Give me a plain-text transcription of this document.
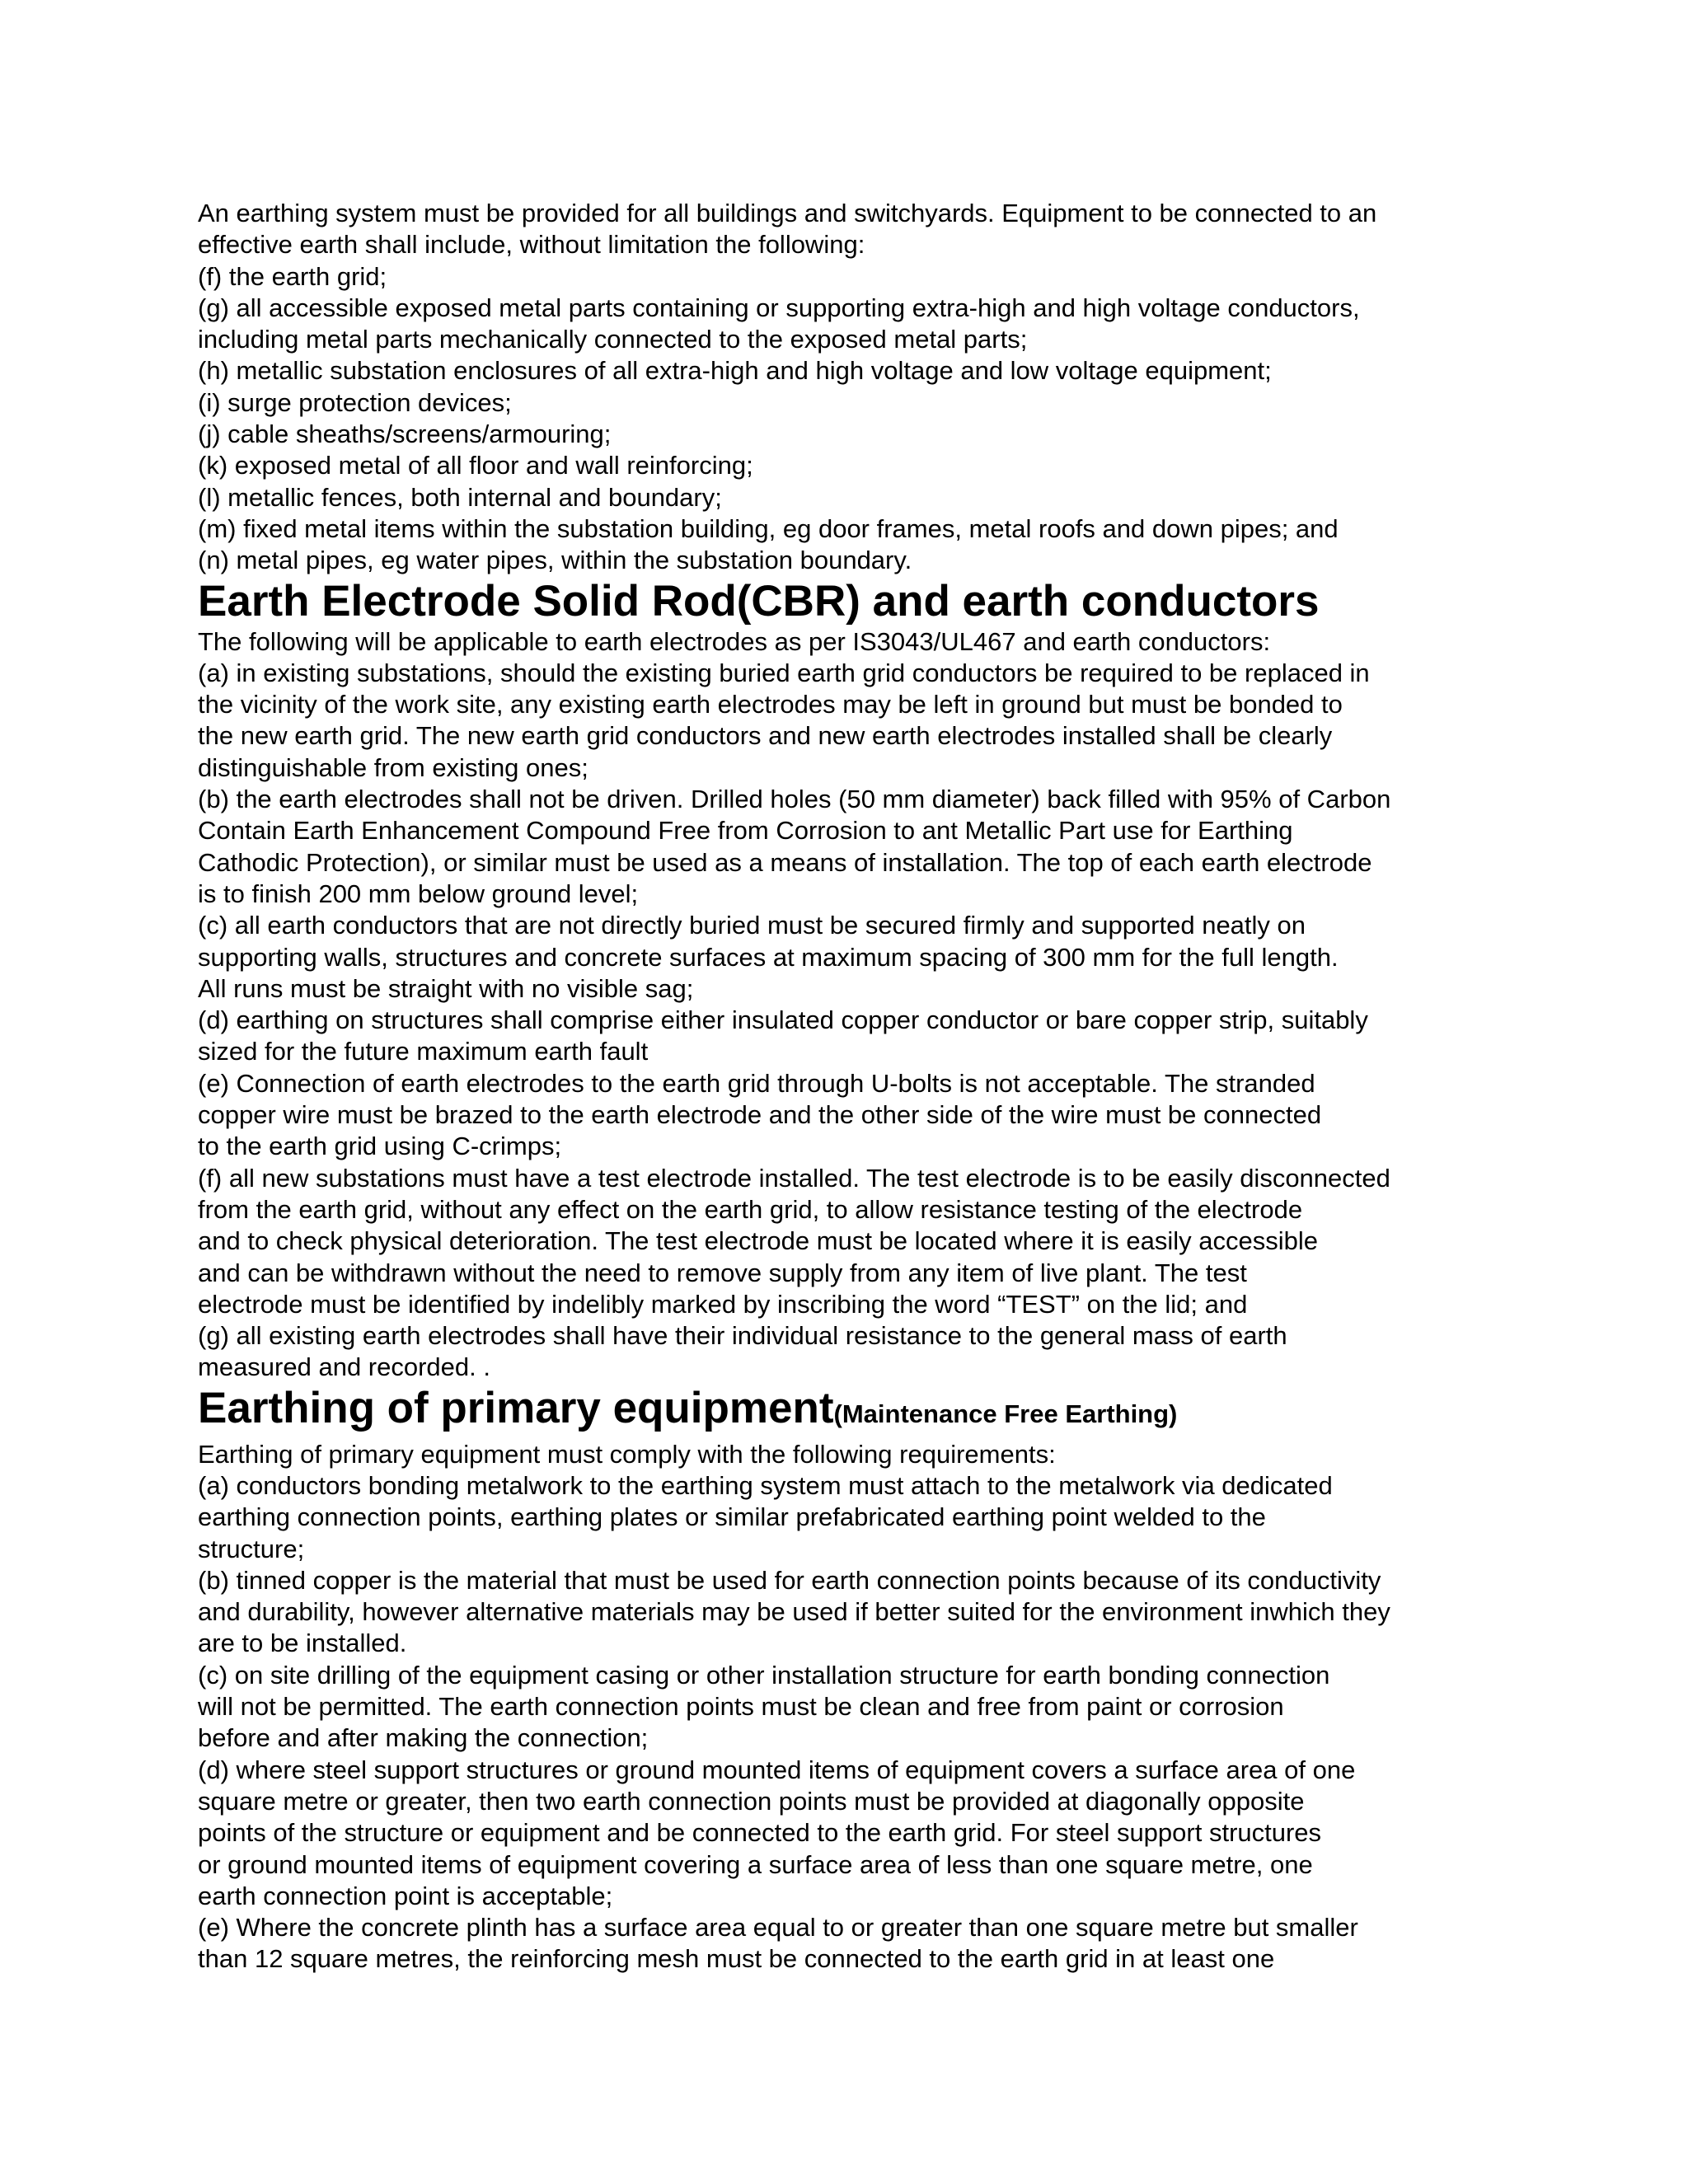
An earthing system must be provided for all buildings and switchyards. Equipment to be connected to an

effective earth shall include, without limitation the following:

(f) the earth grid;

(g) all accessible exposed metal parts containing or supporting extra-high and high voltage conductors,

including metal parts mechanically connected to the exposed metal parts;

(h) metallic substation enclosures of all extra-high and high voltage and low voltage equipment;

(i) surge protection devices;

(j) cable sheaths/screens/armouring;

(k) exposed metal of all floor and wall reinforcing;

(l) metallic fences, both internal and boundary;

(m) fixed metal items within the substation building, eg door frames, metal roofs and down pipes; and

(n) metal pipes, eg water pipes, within the substation boundary.

Earth Electrode Solid Rod(CBR) and earth conductors

The following will be applicable to earth electrodes as per IS3043/UL467 and earth conductors:

(a) in existing substations, should the existing buried earth grid conductors be required to be replaced in

the vicinity of the work site, any existing earth electrodes may be left in ground but must be bonded to

the new earth grid. The new earth grid conductors and new earth electrodes installed shall be clearly

distinguishable from existing ones;

(b) the earth electrodes shall not be driven. Drilled holes (50 mm diameter) back filled with 95% of Carbon

Contain Earth Enhancement Compound Free from Corrosion to ant Metallic Part use for Earthing

Cathodic Protection), or similar must be used as a means of installation. The top of each earth electrode

is to finish 200 mm below ground level;

(c) all earth conductors that are not directly buried must be secured firmly and supported neatly on

supporting walls, structures and concrete surfaces at maximum spacing of 300 mm for the full length.

All runs must be straight with no visible sag;

(d) earthing on structures shall comprise either insulated copper conductor or bare copper strip, suitably

sized for the future maximum earth fault

(e) Connection of earth electrodes to the earth grid through U-bolts is not acceptable. The stranded

copper wire must be brazed to the earth electrode and the other side of the wire must be connected

to the earth grid using C-crimps;

(f) all new substations must have a test electrode installed. The test electrode is to be easily disconnected

from the earth grid, without any effect on the earth grid, to allow resistance testing of the electrode

and to check physical deterioration. The test electrode must be located where it is easily accessible

and can be withdrawn without the need to remove supply from any item of live plant. The test

electrode must be identified by indelibly marked by inscribing the word “TEST” on the lid; and

(g) all existing earth electrodes shall have their individual resistance to the general mass of earth

measured and recorded. .

Earthing of primary equipment(Maintenance Free Earthing)

Earthing of primary equipment must comply with the following requirements:

(a) conductors bonding metalwork to the earthing system must attach to the metalwork via dedicated

earthing connection points, earthing plates or similar prefabricated earthing point welded to the

structure;

(b) tinned copper is the material that must be used for earth connection points because of its conductivity

and durability, however alternative materials may be used if better suited for the environment inwhich they

are to be installed.

(c) on site drilling of the equipment casing or other installation structure for earth bonding connection

will not be permitted. The earth connection points must be clean and free from paint or corrosion

before and after making the connection;

(d) where steel support structures or ground mounted items of equipment covers a surface area of one

square metre or greater, then two earth connection points must be provided at diagonally opposite

points of the structure or equipment and be connected to the earth grid. For steel support structures

or ground mounted items of equipment covering a surface area of less than one square metre, one

earth connection point is acceptable;

(e) Where the concrete plinth has a surface area equal to or greater than one square metre but smaller

than 12 square metres, the reinforcing mesh must be connected to the earth grid in at least one
